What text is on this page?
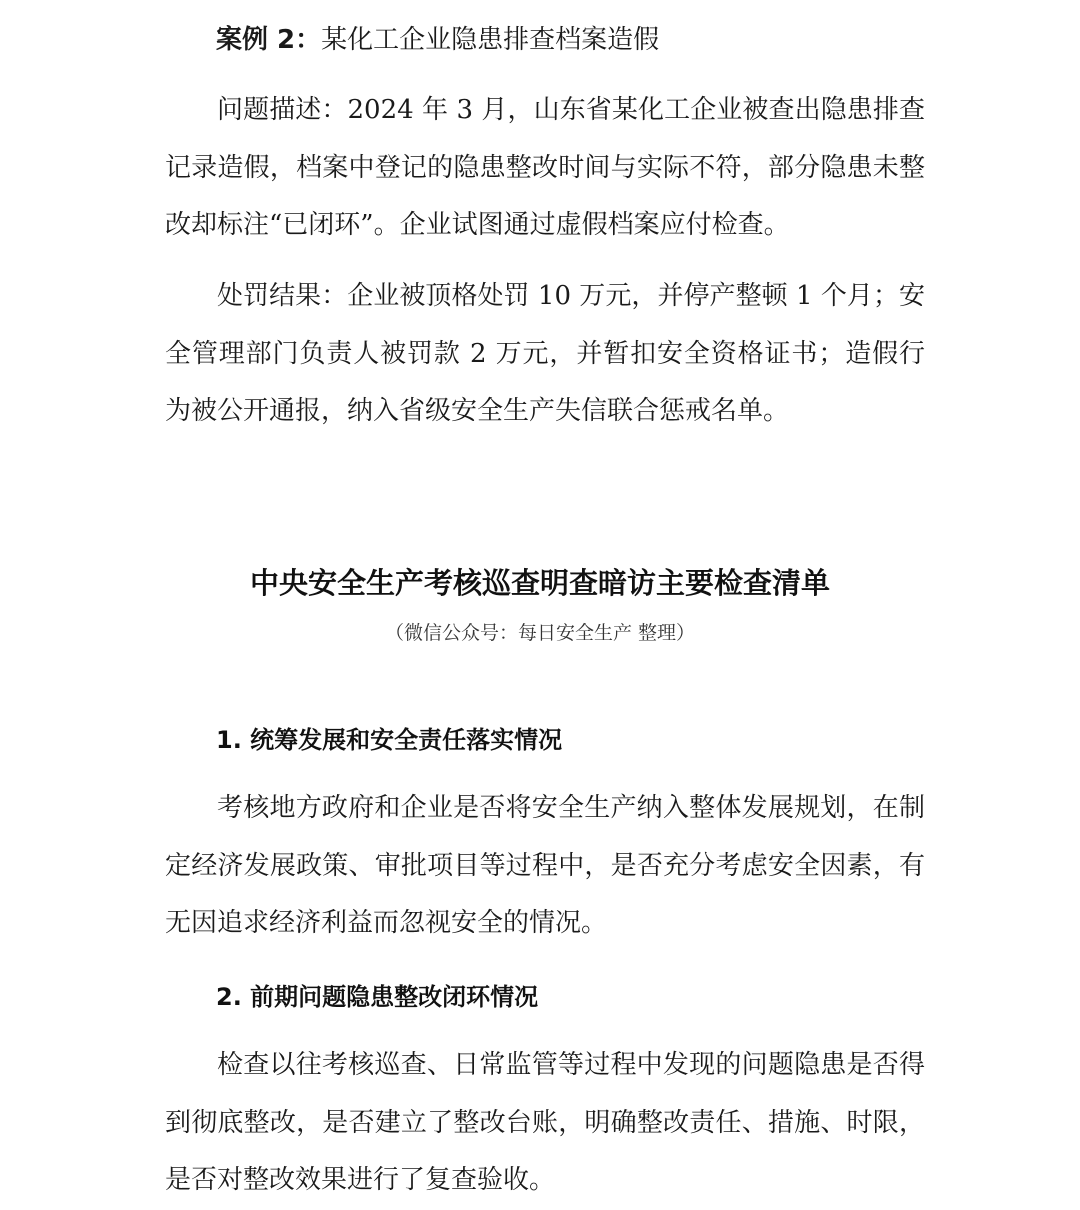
案例 2：某化工企业隐患排查档案造假

问题描述：2024 年 3 月，山东省某化工企业被查出隐患排查记录造假，档案中登记的隐患整改时间与实际不符，部分隐患未整改却标注“已闭环”。企业试图通过虚假档案应付检查。

处罚结果：企业被顶格处罚 10 万元，并停产整顿 1 个月；安全管理部门负责人被罚款 2 万元，并暂扣安全资格证书；造假行为被公开通报，纳入省级安全生产失信联合惩戒名单。

中央安全生产考核巡查明查暗访主要检查清单

（微信公众号：每日安全生产 整理）

1. 统筹发展和安全责任落实情况

考核地方政府和企业是否将安全生产纳入整体发展规划，在制定经济发展政策、审批项目等过程中，是否充分考虑安全因素，有无因追求经济利益而忽视安全的情况。

2. 前期问题隐患整改闭环情况

检查以往考核巡查、日常监管等过程中发现的问题隐患是否得到彻底整改，是否建立了整改台账，明确整改责任、措施、时限，是否对整改效果进行了复查验收。
